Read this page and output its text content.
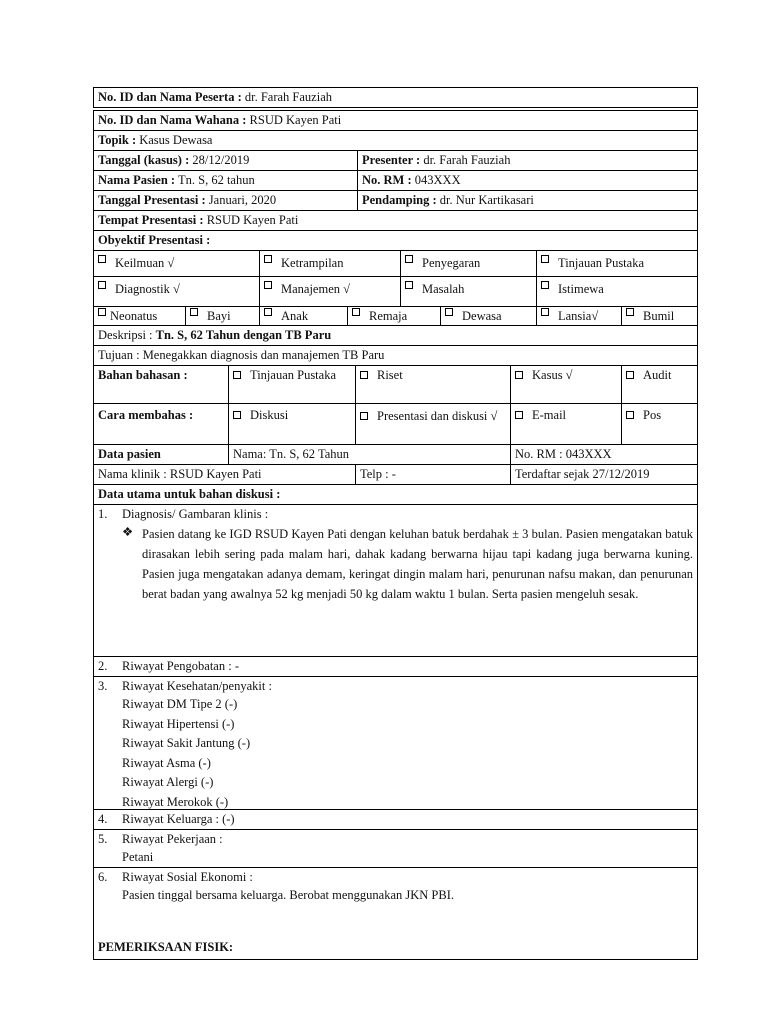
No. ID dan Nama Peserta : dr. Farah Fauziah
No. ID dan Nama Wahana : RSUD Kayen Pati
Topik : Kasus Dewasa
Tanggal (kasus) : 28/12/2019	Presenter : dr. Farah Fauziah
Nama Pasien : Tn. S, 62 tahun	No. RM : 043XXX
Tanggal Presentasi : Januari, 2020	Pendamping : dr. Nur Kartikasari
Tempat Presentasi : RSUD Kayen Pati
Obyektif Presentasi :
Keilmuan √	Ketrampilan	Penyegaran	Tinjauan Pustaka
Diagnostik √	Manajemen √	Masalah	Istimewa
Neonatus	Bayi	Anak	Remaja	Dewasa	Lansia√	Bumil
Deskripsi : Tn. S, 62 Tahun dengan TB Paru
Tujuan : Menegakkan diagnosis dan manajemen TB Paru
Bahan bahasan :	Tinjauan Pustaka	Riset	Kasus √	Audit
Cara membahas :	Diskusi	Presentasi dan diskusi √	E-mail	Pos
Data pasien	Nama: Tn. S, 62 Tahun	No. RM : 043XXX
Nama klinik : RSUD Kayen Pati	Telp : -	Terdaftar sejak 27/12/2019
Data utama untuk bahan diskusi :
1.	Diagnosis/ Gambaran klinis :
❖ Pasien datang ke IGD RSUD Kayen Pati dengan keluhan batuk berdahak ± 3 bulan. Pasien mengatakan batuk dirasakan lebih sering pada malam hari, dahak kadang berwarna hijau tapi kadang juga berwarna kuning. Pasien juga mengatakan adanya demam, keringat dingin malam hari, penurunan nafsu makan, dan penurunan berat badan yang awalnya 52 kg menjadi 50 kg dalam waktu 1 bulan. Serta pasien mengeluh sesak.
2.	Riwayat Pengobatan : -
3.	Riwayat Kesehatan/penyakit :
Riwayat DM Tipe 2 (-)
Riwayat Hipertensi (-)
Riwayat Sakit Jantung (-)
Riwayat Asma (-)
Riwayat Alergi (-)
Riwayat Merokok (-)
4.	Riwayat Keluarga : (-)
5.	Riwayat Pekerjaan :
Petani
6.	Riwayat Sosial Ekonomi :
Pasien tinggal bersama keluarga. Berobat menggunakan JKN PBI.
PEMERIKSAAN FISIK:
